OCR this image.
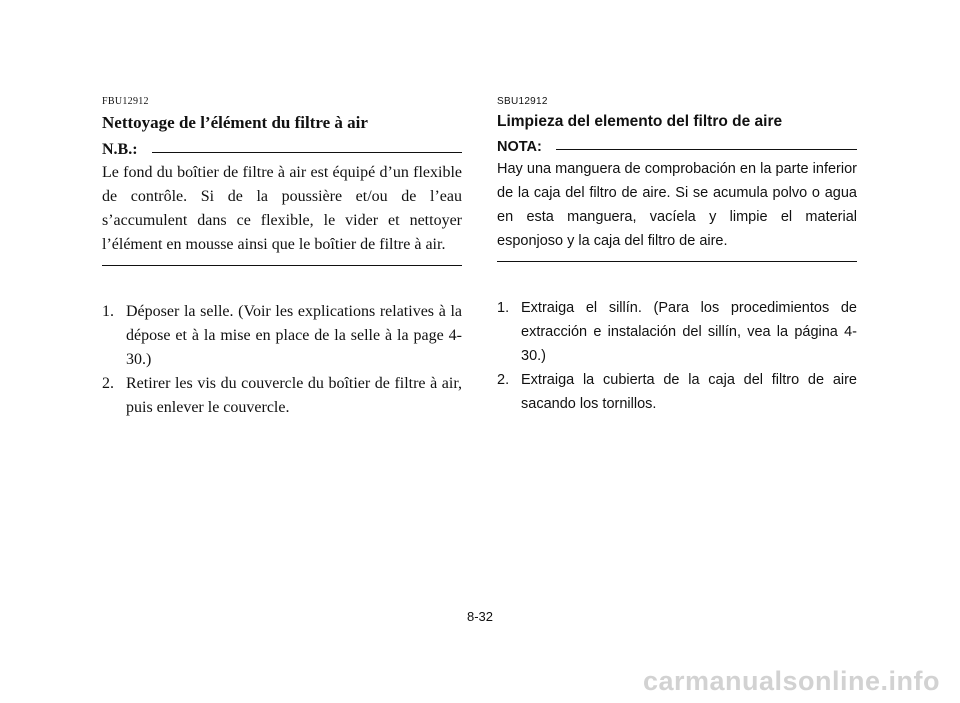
FBU12912
Nettoyage de l’élément du filtre à air
N.B.:

Le fond du boîtier de filtre à air est équipé d’un flexible de contrôle. Si de la poussière et/ou de l’eau s’accumulent dans ce flexible, le vider et nettoyer l’élément en mousse ainsi que le boîtier de filtre à air.

1. Déposer la selle. (Voir les explications relatives à la dépose et à la mise en place de la selle à la page 4-30.)
2. Retirer les vis du couvercle du boîtier de filtre à air, puis enlever le couvercle.
SBU12912
Limpieza del elemento del filtro de aire
NOTA:

Hay una manguera de comprobación en la parte inferior de la caja del filtro de aire. Si se acumula polvo o agua en esta manguera, vacíela y limpie el material esponjoso y la caja del filtro de aire.

1. Extraiga el sillín. (Para los procedimientos de extracción e instalación del sillín, vea la página 4-30.)
2. Extraiga la cubierta de la caja del filtro de aire sacando los tornillos.
8-32
carmanualsonline.info
